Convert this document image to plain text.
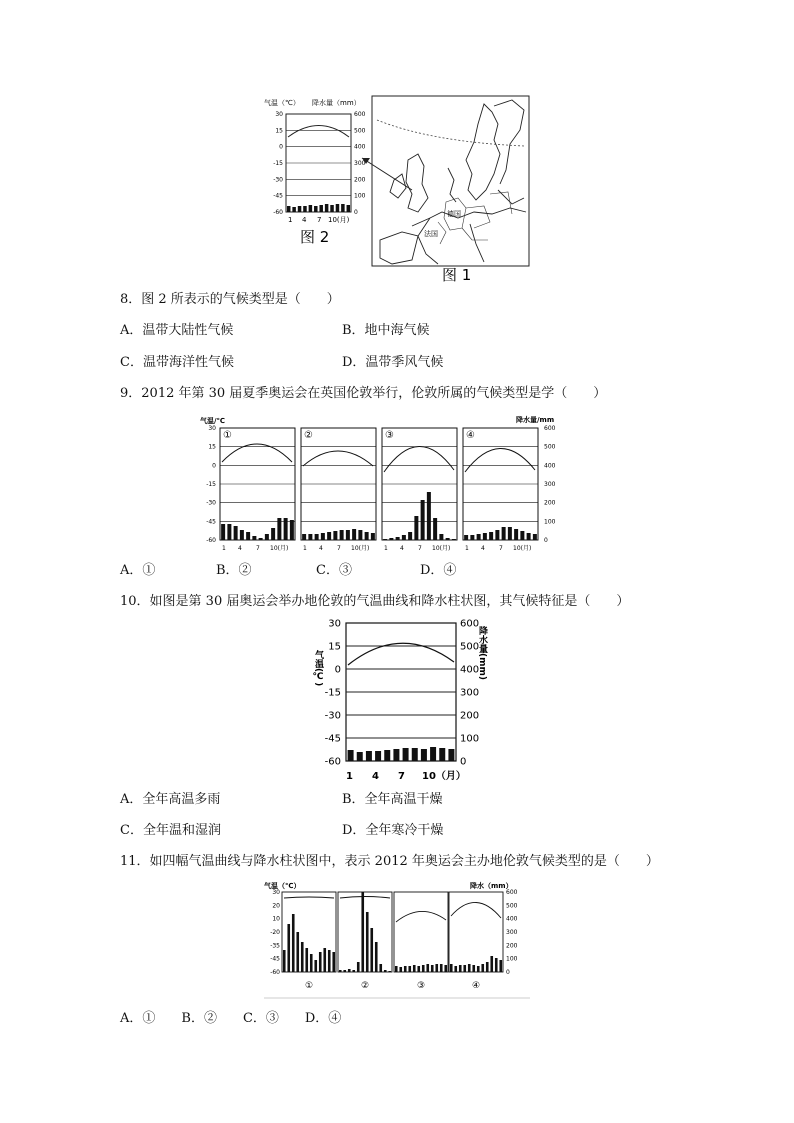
气温（℃） 降水量（mm）
30
15
0
-15
-30
-45
-60
600
500
400
300
200
100
0
1 4 7 10(月)
图 2
德国
法国
图 1
8．图 2 所表示的气候类型是（　　）
A．温带大陆性气候	B．地中海气候
C．温带海洋性气候	D．温带季风气候
9．2012 年第 30 届夏季奥运会在英国伦敦举行，伦敦所属的气候类型是学（　　）
气温/℃	降水量/mm
30
15
0
-15
-30
-45
-60
600
500
400
300
200
100
0
①
1 4 7 10(月)
②
1 4 7 10(月)
③
1 4 7 10(月)
④
1 4 7 10(月)
A．①	B．②	C．③	D．④
10．如图是第 30 届奥运会举办地伦敦的气温曲线和降水柱状图，其气候特征是（　　）
30
15
0
-15
-30
-45
-60
600
500
400
300
200
100
0
气温(℃)	降水量(mm)
1 4 7 10（月）
A．全年高温多雨	B．全年高温干燥
C．全年温和湿润	D．全年寒冷干燥
11．如四幅气温曲线与降水柱状图中，表示 2012 年奥运会主办地伦敦气候类型的是（　　）
气温（℃）	降水（mm）
30
20
10
-20
-35
-45
-60
600
500
400
300
200
100
0
①	②	③	④
A．①　　B．②　　C．③　　D．④
